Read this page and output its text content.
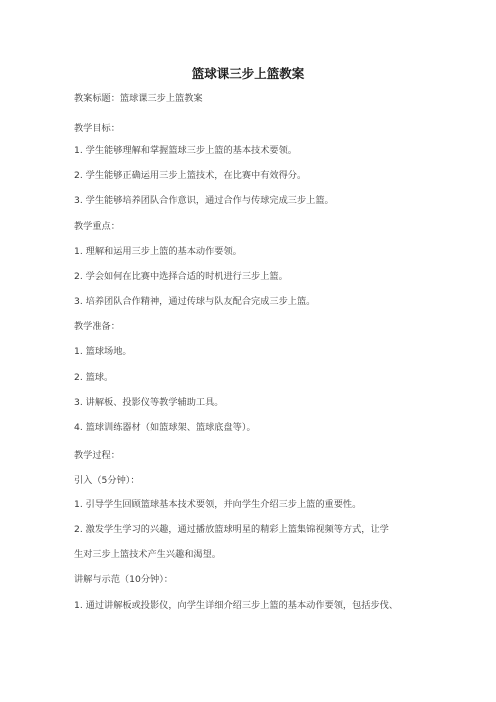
篮球课三步上篮教案
教案标题：篮球课三步上篮教案
教学目标：
1. 学生能够理解和掌握篮球三步上篮的基本技术要领。
2. 学生能够正确运用三步上篮技术，在比赛中有效得分。
3. 学生能够培养团队合作意识，通过合作与传球完成三步上篮。
教学重点：
1. 理解和运用三步上篮的基本动作要领。
2. 学会如何在比赛中选择合适的时机进行三步上篮。
3. 培养团队合作精神，通过传球与队友配合完成三步上篮。
教学准备：
1. 篮球场地。
2. 篮球。
3. 讲解板、投影仪等教学辅助工具。
4. 篮球训练器材（如篮球架、篮球底盘等）。
教学过程：
引入（5分钟）：
1. 引导学生回顾篮球基本技术要领，并向学生介绍三步上篮的重要性。
2. 激发学生学习的兴趣，通过播放篮球明星的精彩上篮集锦视频等方式，让学
生对三步上篮技术产生兴趣和渴望。
讲解与示范（10分钟）：
1. 通过讲解板或投影仪，向学生详细介绍三步上篮的基本动作要领，包括步伐、
